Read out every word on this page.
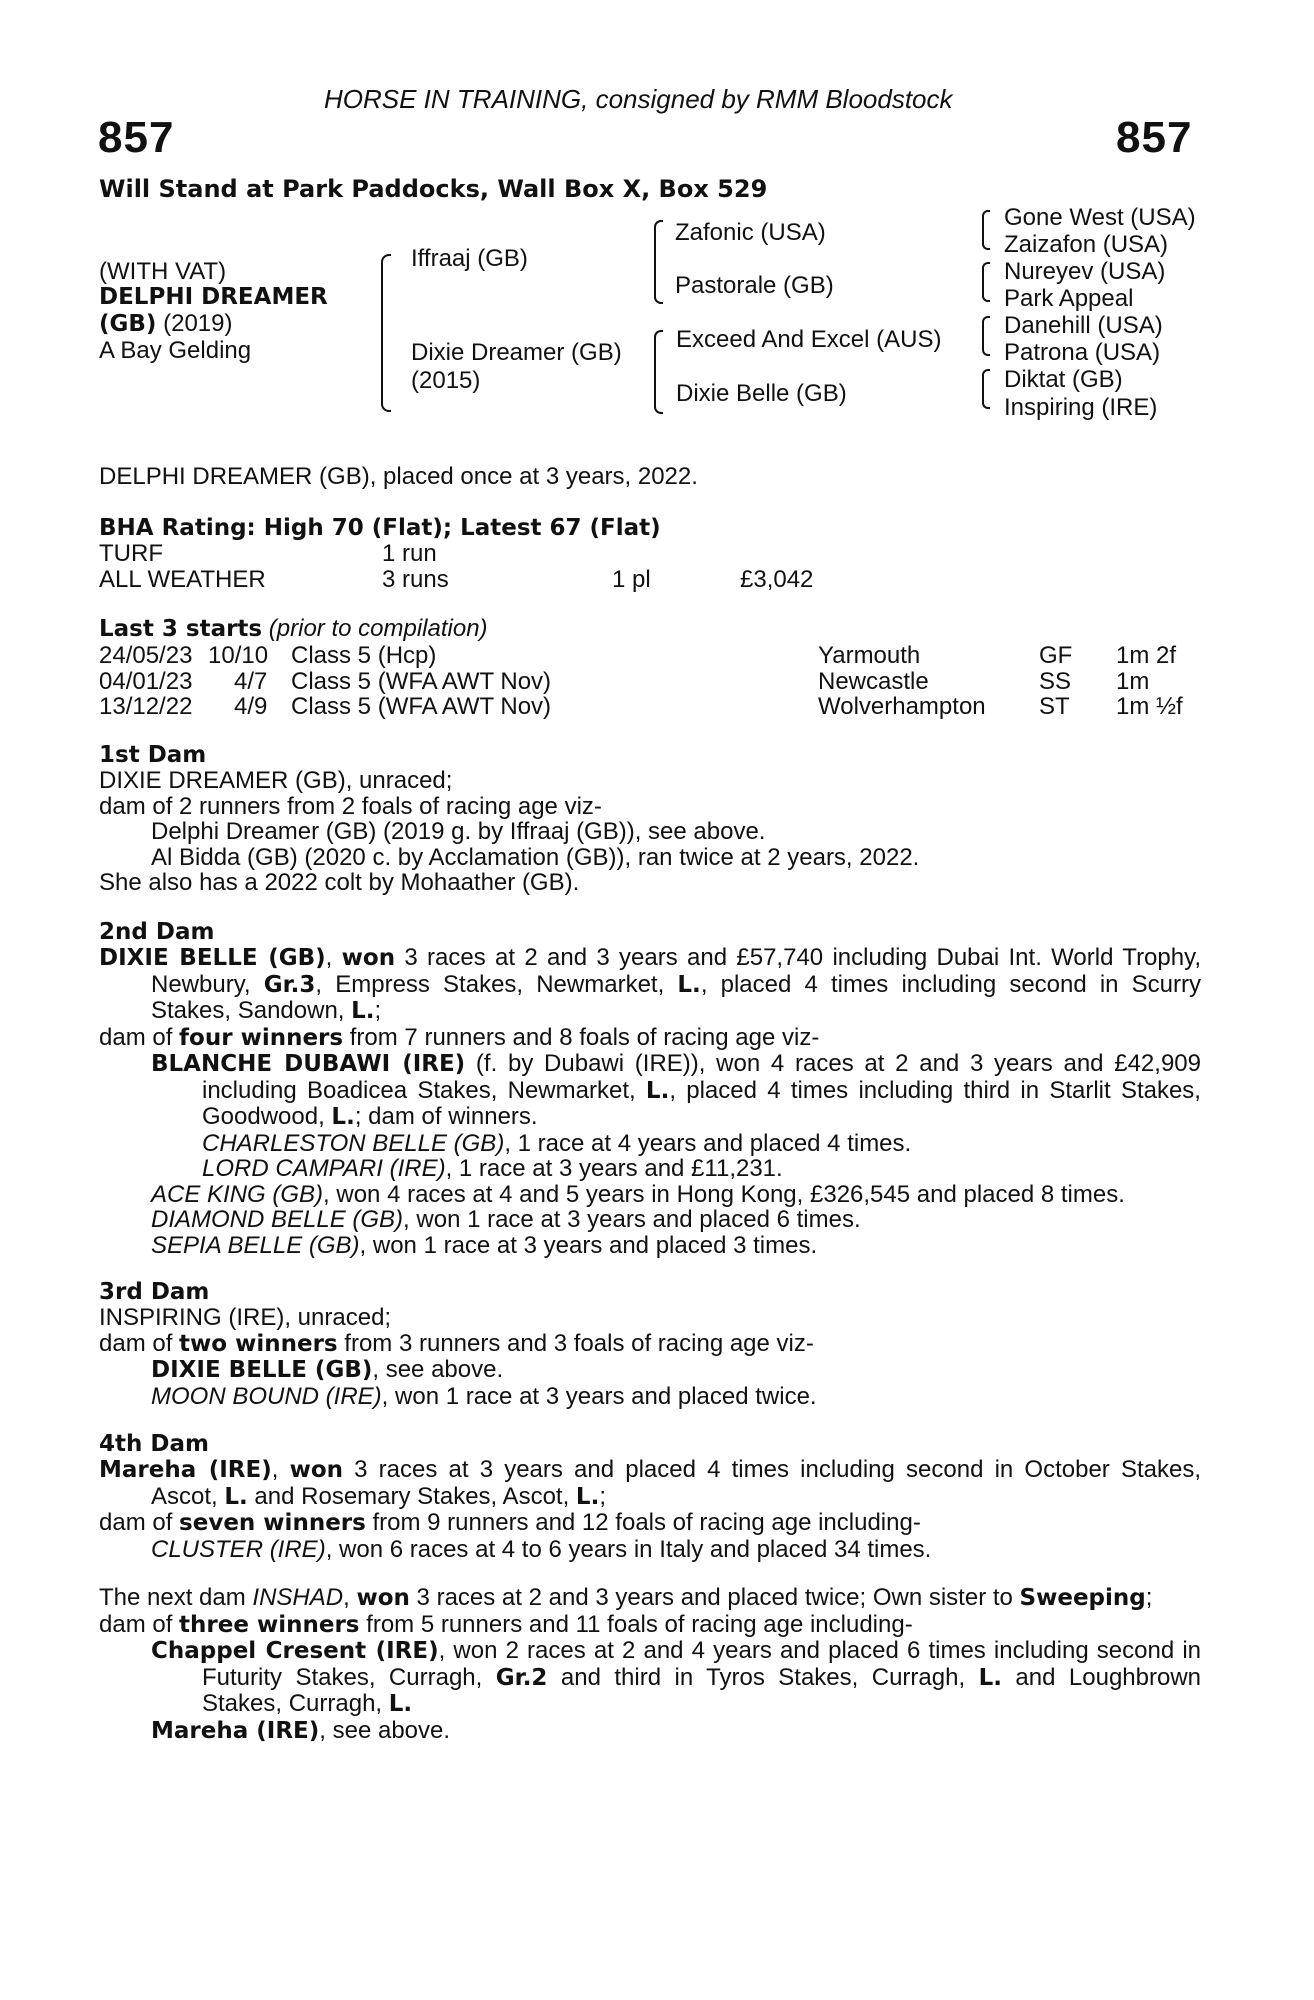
HORSE IN TRAINING, consigned by RMM Bloodstock
857	857
Will Stand at Park Paddocks, Wall Box X, Box 529
(WITH VAT)
DELPHI DREAMER
(GB) (2019)
A Bay Gelding
Iffraaj (GB)
Dixie Dreamer (GB)
(2015)
Zafonic (USA)
Pastorale (GB)
Exceed And Excel (AUS)
Dixie Belle (GB)
Gone West (USA)
Zaizafon (USA)
Nureyev (USA)
Park Appeal
Danehill (USA)
Patrona (USA)
Diktat (GB)
Inspiring (IRE)
DELPHI DREAMER (GB), placed once at 3 years, 2022.
BHA Rating: High 70 (Flat); Latest 67 (Flat)
TURF	1 run
ALL WEATHER	3 runs	1 pl	£3,042
Last 3 starts (prior to compilation)
24/05/23 10/10 Class 5 (Hcp)	Yarmouth	GF 1m 2f
04/01/23 4/7 Class 5 (WFA AWT Nov)	Newcastle	SS 1m
13/12/22 4/9 Class 5 (WFA AWT Nov)	Wolverhampton ST 1m ½f

1st Dam

DIXIE DREAMER (GB), unraced;

dam of 2 runners from 2 foals of racing age viz-

Delphi Dreamer (GB) (2019 g. by Iffraaj (GB)), see above.

Al Bidda (GB) (2020 c. by Acclamation (GB)), ran twice at 2 years, 2022.

She also has a 2022 colt by Mohaather (GB).

2nd Dam

DIXIE BELLE (GB), won 3 races at 2 and 3 years and £57,740 including Dubai Int. World Trophy, Newbury, Gr.3, Empress Stakes, Newmarket, L., placed 4 times including second in Scurry Stakes, Sandown, L.;

dam of four winners from 7 runners and 8 foals of racing age viz-

BLANCHE DUBAWI (IRE) (f. by Dubawi (IRE)), won 4 races at 2 and 3 years and £42,909 including Boadicea Stakes, Newmarket, L., placed 4 times including third in Starlit Stakes, Goodwood, L.; dam of winners.

CHARLESTON BELLE (GB), 1 race at 4 years and placed 4 times.

LORD CAMPARI (IRE), 1 race at 3 years and £11,231.

ACE KING (GB), won 4 races at 4 and 5 years in Hong Kong, £326,545 and placed 8 times.

DIAMOND BELLE (GB), won 1 race at 3 years and placed 6 times.

SEPIA BELLE (GB), won 1 race at 3 years and placed 3 times.

3rd Dam

INSPIRING (IRE), unraced;

dam of two winners from 3 runners and 3 foals of racing age viz-

DIXIE BELLE (GB), see above.

MOON BOUND (IRE), won 1 race at 3 years and placed twice.

4th Dam

Mareha (IRE), won 3 races at 3 years and placed 4 times including second in October Stakes, Ascot, L. and Rosemary Stakes, Ascot, L.;

dam of seven winners from 9 runners and 12 foals of racing age including-

CLUSTER (IRE), won 6 races at 4 to 6 years in Italy and placed 34 times.

The next dam INSHAD, won 3 races at 2 and 3 years and placed twice; Own sister to Sweeping;

dam of three winners from 5 runners and 11 foals of racing age including-

Chappel Cresent (IRE), won 2 races at 2 and 4 years and placed 6 times including second in Futurity Stakes, Curragh, Gr.2 and third in Tyros Stakes, Curragh, L. and Loughbrown Stakes, Curragh, L.

Mareha (IRE), see above.
